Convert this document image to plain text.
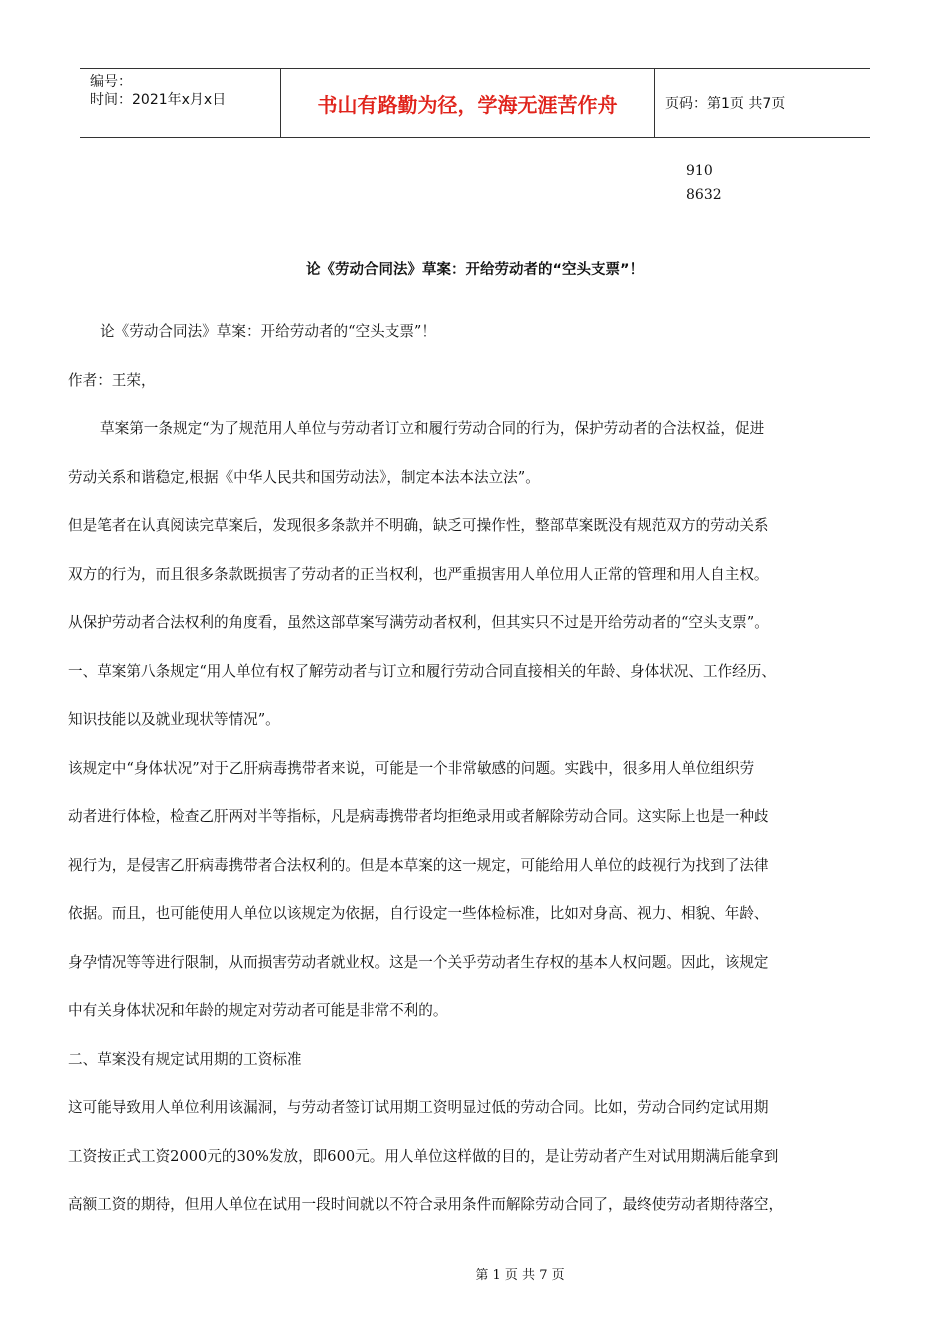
编号：
时间：2021年x月x日	书山有路勤为径，学海无涯苦作舟	页码：第1页 共7页
910
8632
论《劳动合同法》草案：开给劳动者的“空头支票”！

论《劳动合同法》草案：开给劳动者的“空头支票”！

作者：王荣，

草案第一条规定“为了规范用人单位与劳动者订立和履行劳动合同的行为，保护劳动者的合法权益，促进

劳动关系和谐稳定,根据《中华人民共和国劳动法》，制定本法本法立法”。

但是笔者在认真阅读完草案后，发现很多条款并不明确，缺乏可操作性，整部草案既没有规范双方的劳动关系

双方的行为，而且很多条款既损害了劳动者的正当权利，也严重损害用人单位用人正常的管理和用人自主权。

从保护劳动者合法权利的角度看，虽然这部草案写满劳动者权利，但其实只不过是开给劳动者的“空头支票”。

一、草案第八条规定“用人单位有权了解劳动者与订立和履行劳动合同直接相关的年龄、身体状况、工作经历、

知识技能以及就业现状等情况”。

该规定中“身体状况”对于乙肝病毒携带者来说，可能是一个非常敏感的问题。实践中，很多用人单位组织劳

动者进行体检，检查乙肝两对半等指标，凡是病毒携带者均拒绝录用或者解除劳动合同。这实际上也是一种歧

视行为，是侵害乙肝病毒携带者合法权利的。但是本草案的这一规定，可能给用人单位的歧视行为找到了法律

依据。而且，也可能使用人单位以该规定为依据，自行设定一些体检标准，比如对身高、视力、相貌、年龄、

身孕情况等等进行限制，从而损害劳动者就业权。这是一个关乎劳动者生存权的基本人权问题。因此，该规定

中有关身体状况和年龄的规定对劳动者可能是非常不利的。

二、草案没有规定试用期的工资标准

这可能导致用人单位利用该漏洞，与劳动者签订试用期工资明显过低的劳动合同。比如，劳动合同约定试用期

工资按正式工资2000元的30%发放，即600元。用人单位这样做的目的，是让劳动者产生对试用期满后能拿到

高额工资的期待，但用人单位在试用一段时间就以不符合录用条件而解除劳动合同了，最终使劳动者期待落空，

第 1 页 共 7 页
